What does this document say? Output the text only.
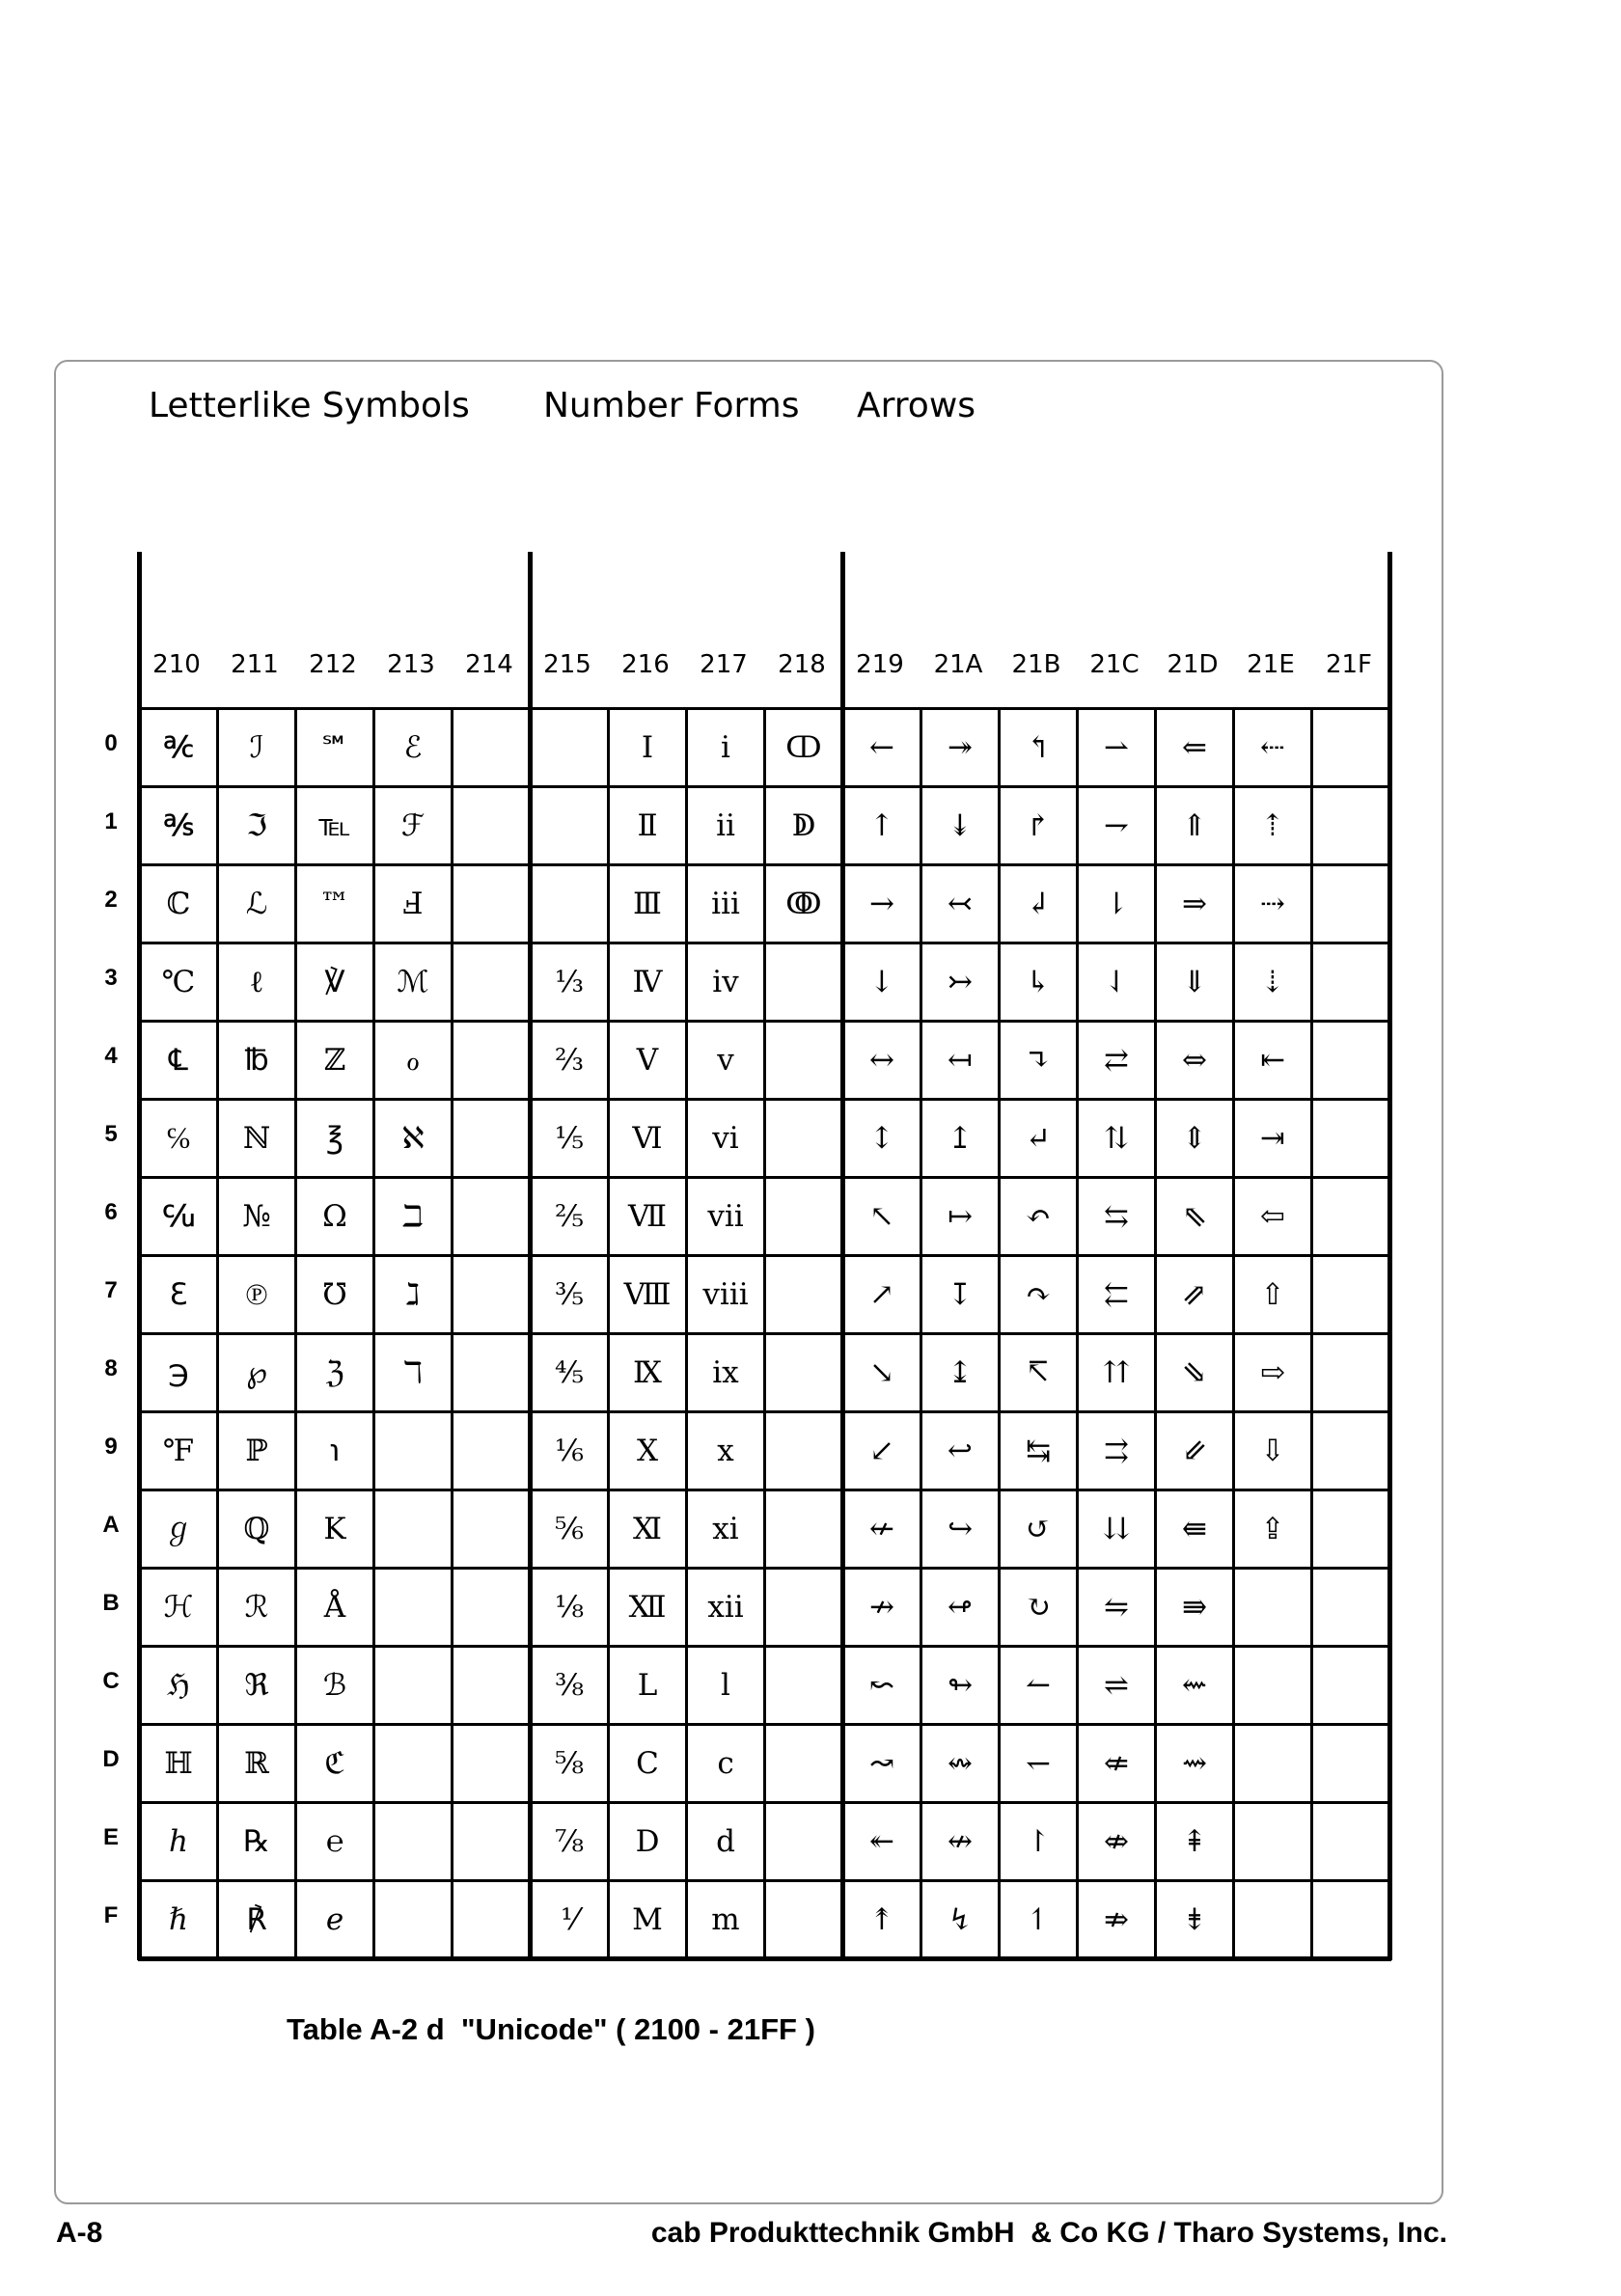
Letterlike Symbols Number Forms Arrows
210	211	212	213	214	215	216	217	218	219	21A	21B	21C	21D	21E	21F
0
1
2
3
4
5
6
7
8
9
A
B
C
D
E
F
℀ ℐ ℠ ℰ	Ⅰ ⅰ ↀ ← ↠ ↰ ⇀ ⇐ ⇠
℁ ℑ ℡ ℱ	Ⅱ ⅱ ↁ ↑ ↡ ↱ ⇁ ⇑ ⇡
ℂ ℒ ™ Ⅎ	Ⅲ ⅲ ↂ → ↢ ↲ ⇂ ⇒ ⇢
℃ ℓ ℣ ℳ	⅓ Ⅳ ⅳ	↓ ↣ ↳ ⇃ ⇓ ⇣
℄ ℔ ℤ ℴ	⅔ Ⅴ ⅴ	↔ ↤ ↴ ⇄ ⇔ ⇤
℅ ℕ ℥ ℵ	⅕ Ⅵ ⅵ	↕ ↥ ↵ ⇅ ⇕ ⇥
℆ № Ω ℶ	⅖ Ⅶ ⅶ	↖ ↦ ↶ ⇆ ⇖ ⇦
ℇ ℗ ℧ ℷ	⅗ Ⅷ ⅷ	↗ ↧ ↷ ⇇ ⇗ ⇧
℈ ℘ ℨ ℸ	⅘ Ⅸ ⅸ	↘ ↨ ↸ ⇈ ⇘ ⇨
℉ ℙ ℩	⅙ Ⅹ ⅹ	↙ ↩ ↹ ⇉ ⇙ ⇩
ℊ ℚ K	⅚ Ⅺ ⅺ	↚ ↪ ↺ ⇊ ⇚ ⇪
ℋ ℛ Å	⅛ Ⅻ ⅻ	↛ ↫ ↻ ⇋ ⇛
ℌ ℜ ℬ	⅜ Ⅼ ⅼ	↜ ↬ ↼ ⇌ ⇜
ℍ ℝ ℭ	⅝ Ⅽ ⅽ	↝ ↭ ↽ ⇍ ⇝
ℎ ℞ ℮	⅞ Ⅾ ⅾ	↞ ↮ ↾ ⇎ ⇞
ℏ ℟ ℯ	⅟ Ⅿ ⅿ	↟ ↯ ↿ ⇏ ⇟
Table A-2 d  "Unicode" ( 2100 - 21FF )
A-8	cab Produkttechnik GmbH  & Co KG / Tharo Systems, Inc.
